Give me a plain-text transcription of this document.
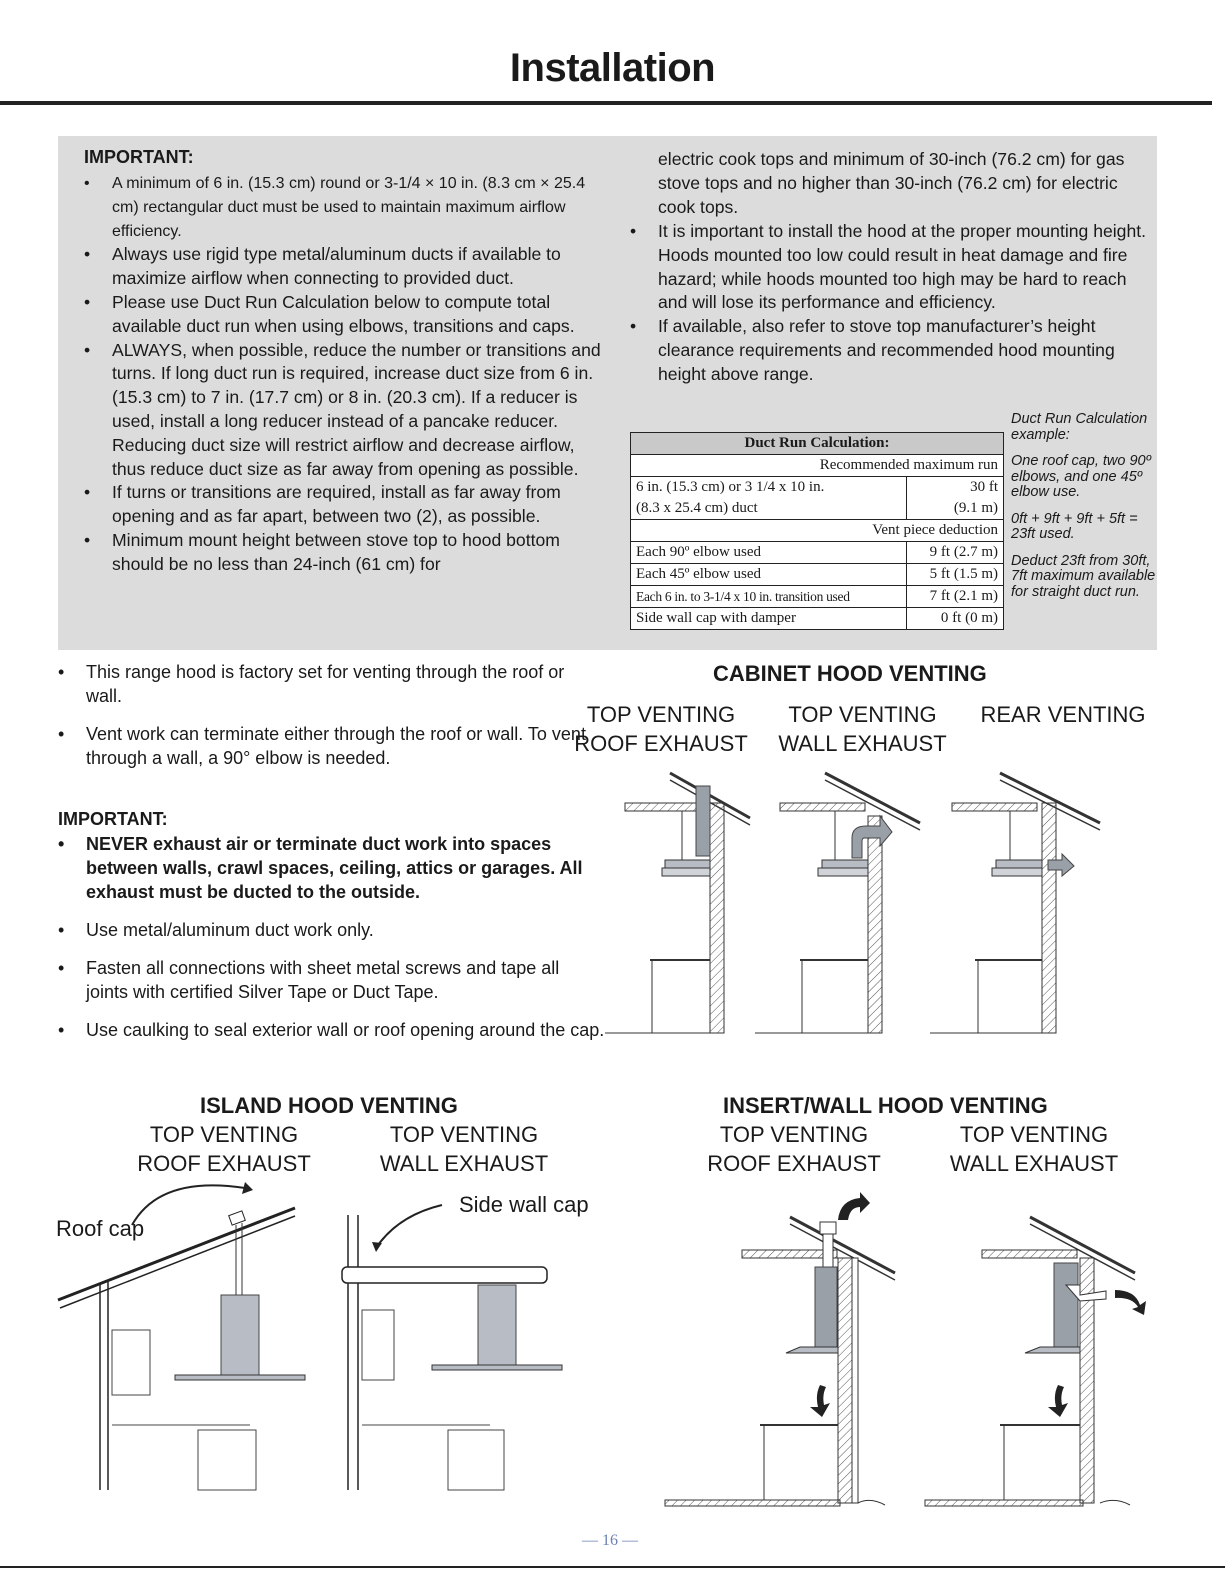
Installation
IMPORTANT:
• A minimum of 6 in. (15.3 cm) round or 3-1/4 × 10 in. (8.3 cm × 25.4 cm) rectangular duct must be used to maintain maximum airflow efficiency.
• Always use rigid type metal/aluminum ducts if available to maximize airflow when connecting to provided duct.
• Please use Duct Run Calculation below to compute total available duct run when using elbows, transitions and caps.
• ALWAYS, when possible, reduce the number or transitions and turns. If long duct run is required, increase duct size from 6 in. (15.3 cm) to 7 in. (17.7 cm) or 8 in. (20.3 cm). If a reducer is used, install a long reducer instead of a pancake reducer. Reducing duct size will restrict airflow and decrease airflow, thus reduce duct size as far away from opening as possible.
• If turns or transitions are required, install as far away from opening and as far apart, between two (2), as possible.
• Minimum mount height between stove top to hood bottom should be no less than 24-inch (61 cm) for
electric cook tops and minimum of 30-inch (76.2 cm) for gas stove tops and no higher than 30-inch (76.2 cm) for electric cook tops.
• It is important to install the hood at the proper mounting height. Hoods mounted too low could result in heat damage and fire hazard; while hoods mounted too high may be hard to reach and will lose its performance and efficiency.
• If available, also refer to stove top manufacturer’s height clearance requirements and recommended hood mounting height above range.
Duct Run Calculation:	
Recommended maximum run	
6 in. (15.3 cm) or 3 1/4 x 10 in.	30 ft
(8.3 x 25.4 cm) duct	(9.1 m)
Vent piece deduction	
Each 90º elbow used	9 ft (2.7 m)
Each 45º elbow used	5 ft (1.5 m)
Each 6 in. to 3-1/4 x 10 in. transition used	7 ft (2.1 m)
Side wall cap with damper	0 ft (0 m)

Duct Run Calculation example:

One roof cap, two 90º elbows, and one 45º elbow use.

0ft + 9ft + 9ft + 5ft = 23ft used.

Deduct 23ft from 30ft, 7ft maximum available for straight duct run.

• This range hood is factory set for venting through the roof or wall.
• Vent work can terminate either through the roof or wall. To vent through a wall, a 90° elbow is needed.
IMPORTANT:
• NEVER exhaust air or terminate duct work into spaces between walls, crawl spaces, ceiling, attics or garages. All exhaust must be ducted to the outside.
• Use metal/aluminum duct work only.
• Fasten all connections with sheet metal screws and tape all joints with certified Silver Tape or Duct Tape.
• Use caulking to seal exterior wall or roof opening around the cap.
CABINET HOOD VENTING
TOP VENTING
ROOF EXHAUST
TOP VENTING
WALL EXHAUST
REAR VENTING
ISLAND HOOD VENTING
TOP VENTING
ROOF EXHAUST
TOP VENTING
WALL EXHAUST
Roof cap
Side wall cap
INSERT/WALL HOOD VENTING
TOP VENTING
ROOF EXHAUST
TOP VENTING
WALL EXHAUST
— 16 —
